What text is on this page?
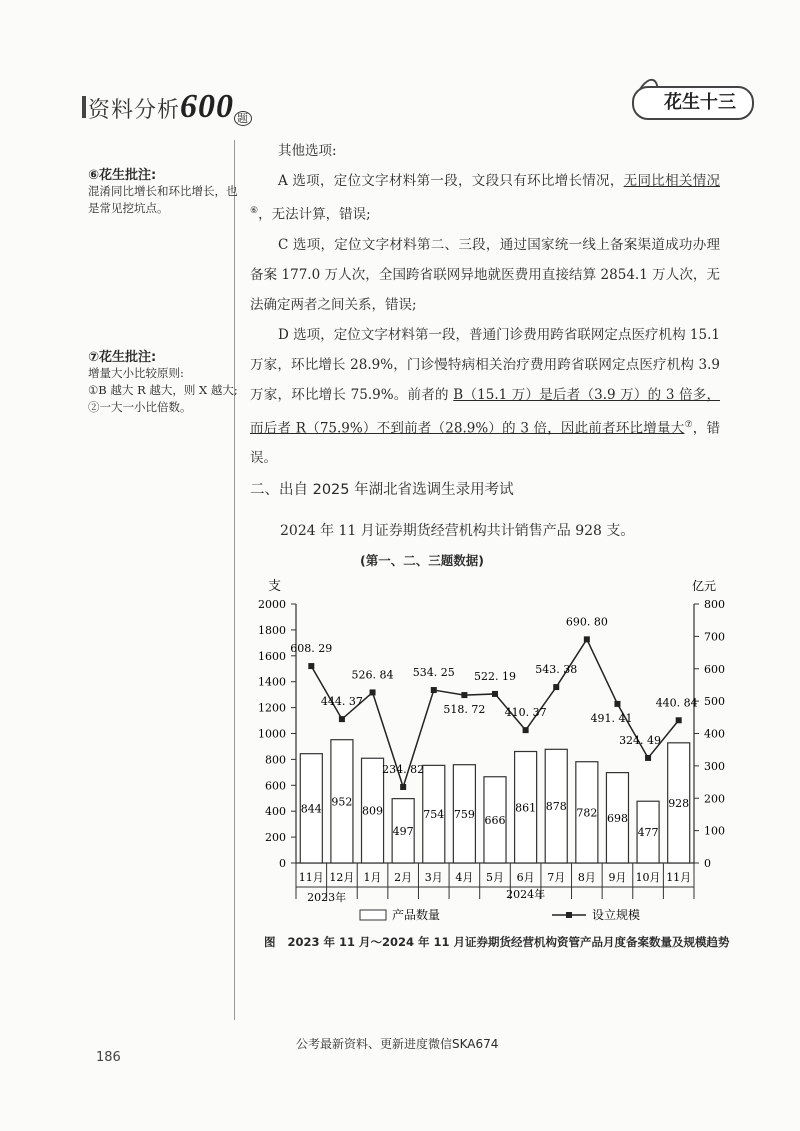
资料分析600 题
花生十三
⑥花生批注:
混淆同比增长和环比增长，也是常见挖坑点。
⑦花生批注:
增量大小比较原则:
①B 越大 R 越大，则 X 越大;
②一大一小比倍数。

其他选项:

A 选项，定位文字材料第一段，文段只有环比增长情况，无同比相关情况⑥，无法计算，错误;

C 选项，定位文字材料第二、三段，通过国家统一线上备案渠道成功办理备案 177.0 万人次，全国跨省联网异地就医费用直接结算 2854.1 万人次，无法确定两者之间关系，错误;

D 选项，定位文字材料第一段，普通门诊费用跨省联网定点医疗机构 15.1 万家，环比增长 28.9%，门诊慢特病相关治疗费用跨省联网定点医疗机构 3.9 万家，环比增长 75.9%。前者的 B（15.1 万）是后者（3.9 万）的 3 倍多，而后者 R（75.9%）不到前者（28.9%）的 3 倍，因此前者环比增量大⑦，错误。

二、出自 2025 年湖北省选调生录用考试
2024 年 11 月证券期货经营机构共计销售产品 928 支。
(第一、二、三题数据)
支	亿元
0
200
400
600
800
1000
1200
1400
1600
1800
2000
0
100
200
300
400
500
600
700
800
844
11月
952
12月
809
1月
497
2月
754
3月
759
4月
666
5月
861
6月
878
7月
782
8月
698
9月
477
10月
928
11月
2023年	2024年
608. 29
444. 37
526. 84
234. 82
534. 25
518. 72
522. 19
410. 37
543. 38
690. 80
491. 41
324. 49
440. 84
产品数量	设立规模
图 2023 年 11 月～2024 年 11 月证券期货经营机构资管产品月度备案数量及规模趋势
公考最新资料、更新进度微信SKA674
186
